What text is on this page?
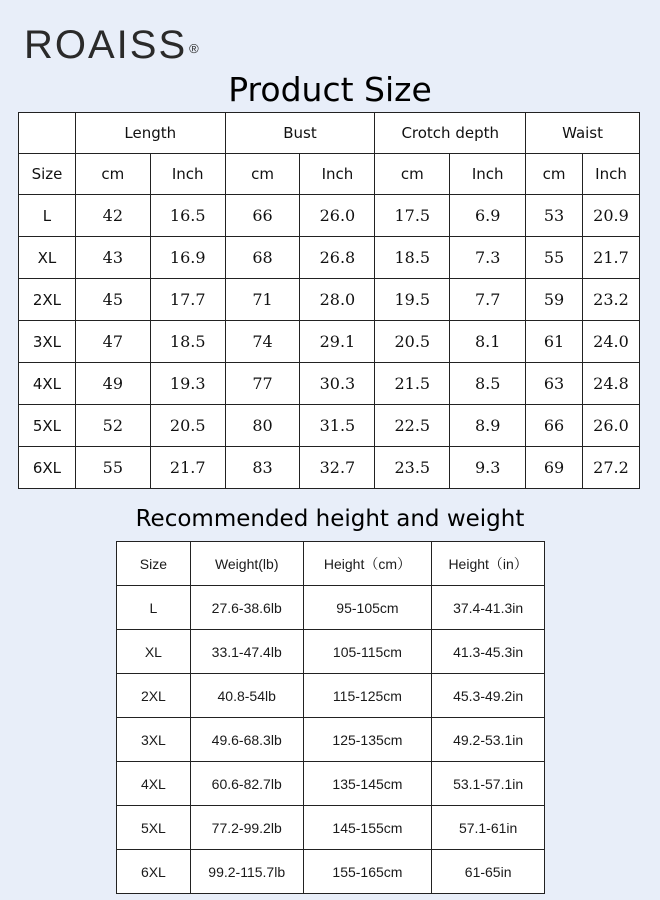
ROAISS ®
Product Size
	Length		Bust		Crotch depth		Waist	
Size	cm	Inch	cm	Inch	cm	Inch	cm	Inch
L	42	16.5	66	26.0	17.5	6.9	53	20.9
XL	43	16.9	68	26.8	18.5	7.3	55	21.7
2XL	45	17.7	71	28.0	19.5	7.7	59	23.2
3XL	47	18.5	74	29.1	20.5	8.1	61	24.0
4XL	49	19.3	77	30.3	21.5	8.5	63	24.8
5XL	52	20.5	80	31.5	22.5	8.9	66	26.0
6XL	55	21.7	83	32.7	23.5	9.3	69	27.2
Recommended height and weight
Size	Weight(lb)	Height（cm）	Height（in）
L	27.6-38.6lb	95-105cm	37.4-41.3in
XL	33.1-47.4lb	105-115cm	41.3-45.3in
2XL	40.8-54lb	115-125cm	45.3-49.2in
3XL	49.6-68.3lb	125-135cm	49.2-53.1in
4XL	60.6-82.7lb	135-145cm	53.1-57.1in
5XL	77.2-99.2lb	145-155cm	57.1-61in
6XL	99.2-115.7lb	155-165cm	61-65in
